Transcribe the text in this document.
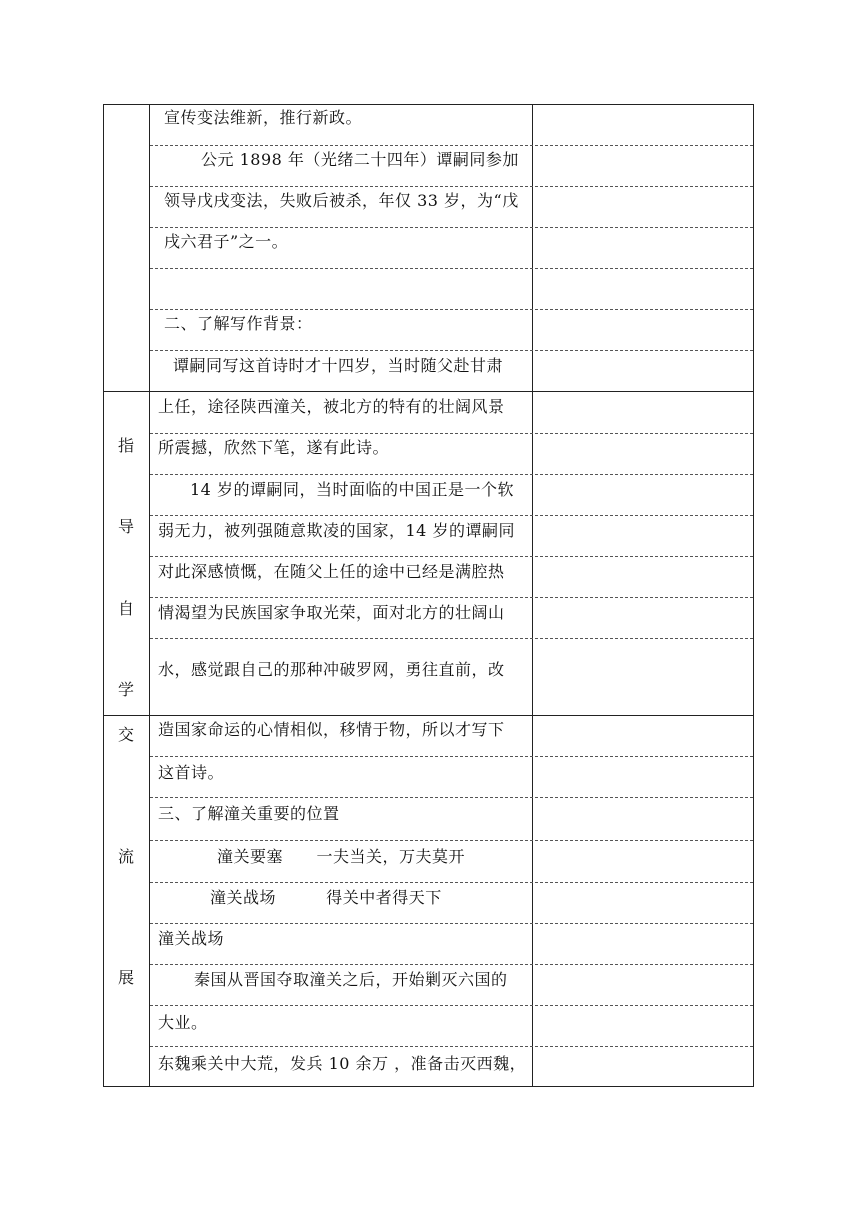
指
导
自
学
交
流
展
宣传变法维新，推行新政。
公元 1898 年（光绪二十四年）谭嗣同参加
领导戊戌变法，失败后被杀，年仅 33 岁，为“戊
戌六君子”之一。
二、了解写作背景：
谭嗣同写这首诗时才十四岁，当时随父赴甘肃
上任，途径陕西潼关，被北方的特有的壮阔风景
所震撼，欣然下笔，遂有此诗。
14 岁的谭嗣同，当时面临的中国正是一个软
弱无力，被列强随意欺凌的国家，14 岁的谭嗣同
对此深感愤慨，在随父上任的途中已经是满腔热
情渴望为民族国家争取光荣，面对北方的壮阔山
水，感觉跟自己的那种冲破罗网，勇往直前，改
造国家命运的心情相似，移情于物，所以才写下
这首诗。
三、了解潼关重要的位置
潼关要塞      一夫当关，万夫莫开
潼关战场         得关中者得天下
潼关战场
秦国从晋国夺取潼关之后，开始剿灭六国的
大业。
东魏乘关中大荒，发兵 10 余万 ，准备击灭西魏，
